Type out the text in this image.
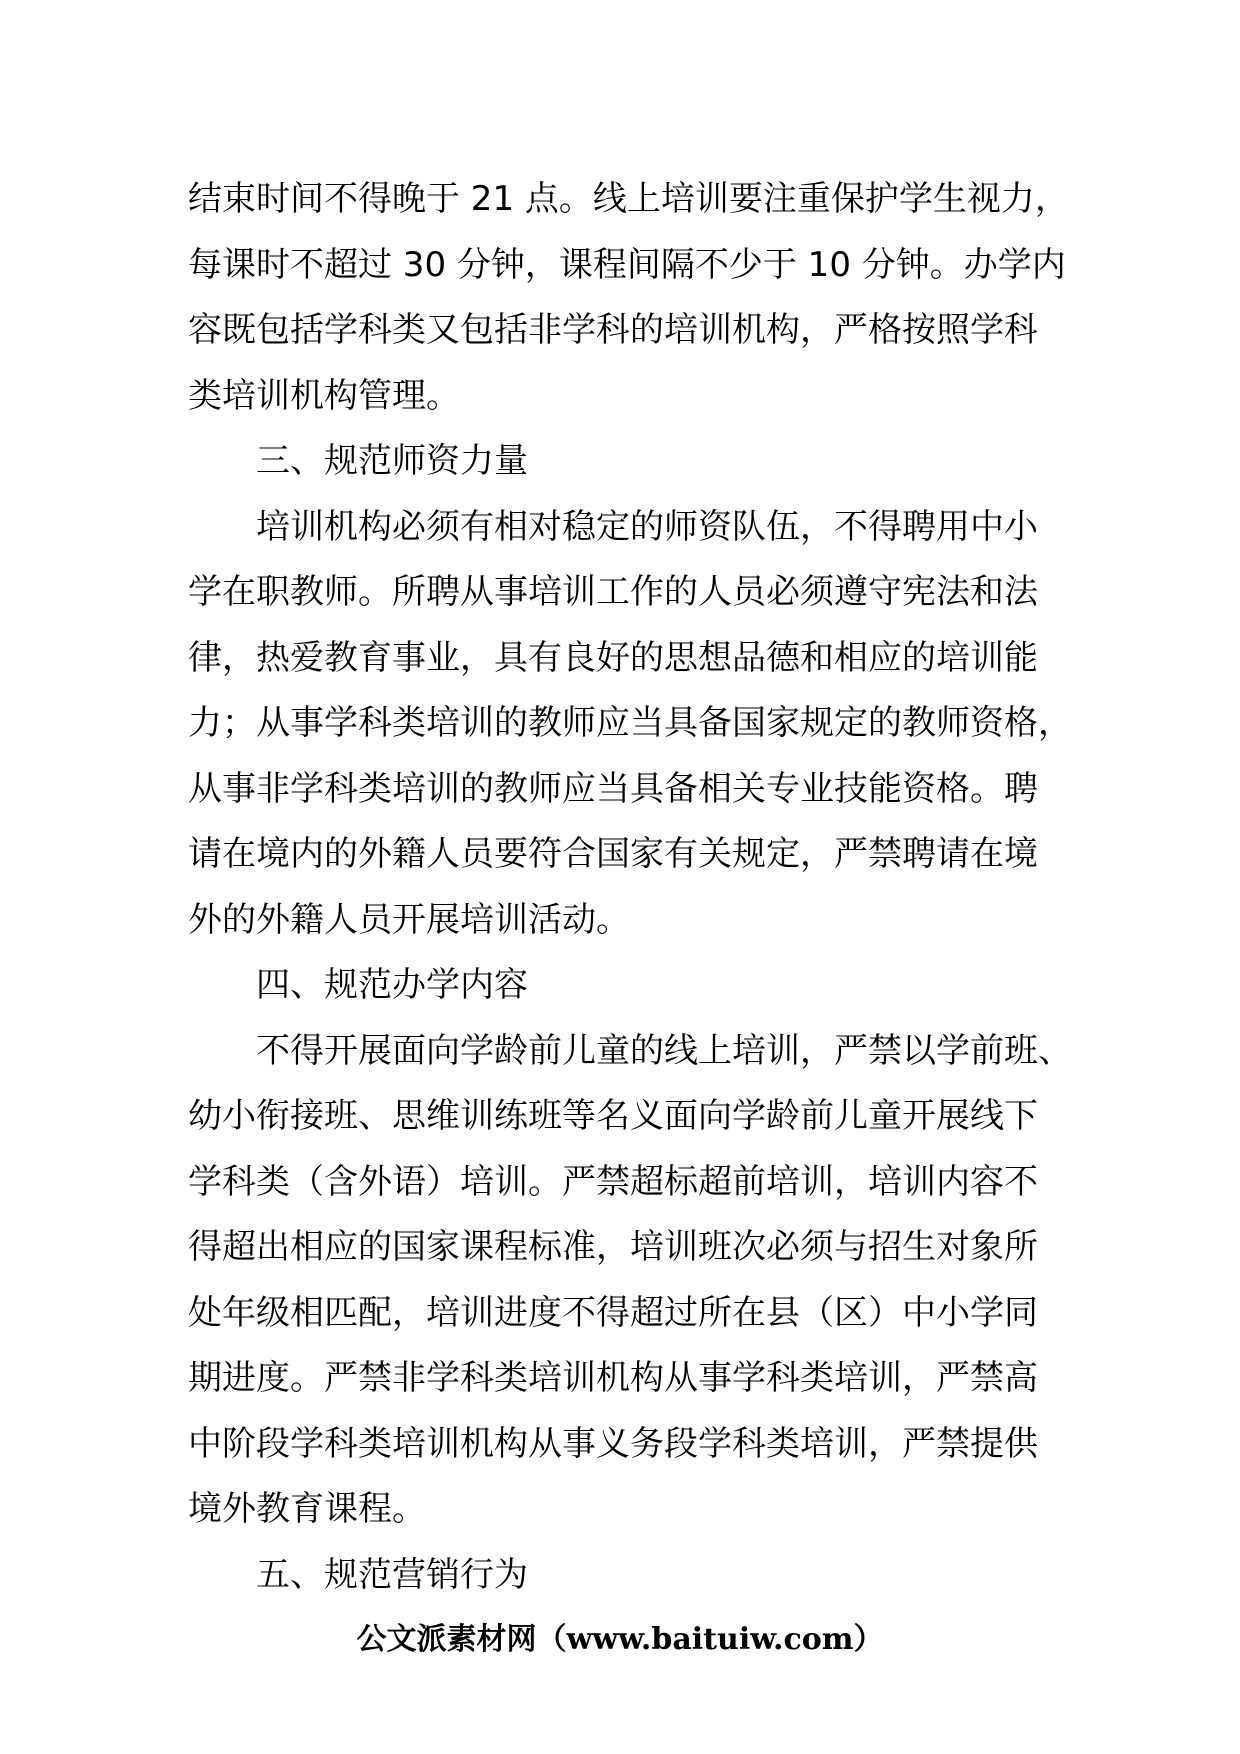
结束时间不得晚于 21 点。线上培训要注重保护学生视力，
每课时不超过 30 分钟，课程间隔不少于 10 分钟。办学内
容既包括学科类又包括非学科的培训机构，严格按照学科
类培训机构管理。
三、规范师资力量
培训机构必须有相对稳定的师资队伍，不得聘用中小
学在职教师。所聘从事培训工作的人员必须遵守宪法和法
律，热爱教育事业，具有良好的思想品德和相应的培训能
力；从事学科类培训的教师应当具备国家规定的教师资格，
从事非学科类培训的教师应当具备相关专业技能资格。聘
请在境内的外籍人员要符合国家有关规定，严禁聘请在境
外的外籍人员开展培训活动。
四、规范办学内容
不得开展面向学龄前儿童的线上培训，严禁以学前班、
幼小衔接班、思维训练班等名义面向学龄前儿童开展线下
学科类（含外语）培训。严禁超标超前培训，培训内容不
得超出相应的国家课程标准，培训班次必须与招生对象所
处年级相匹配，培训进度不得超过所在县（区）中小学同
期进度。严禁非学科类培训机构从事学科类培训，严禁高
中阶段学科类培训机构从事义务段学科类培训，严禁提供
境外教育课程。
五、规范营销行为
公文派素材网（www.baituiw.com）
